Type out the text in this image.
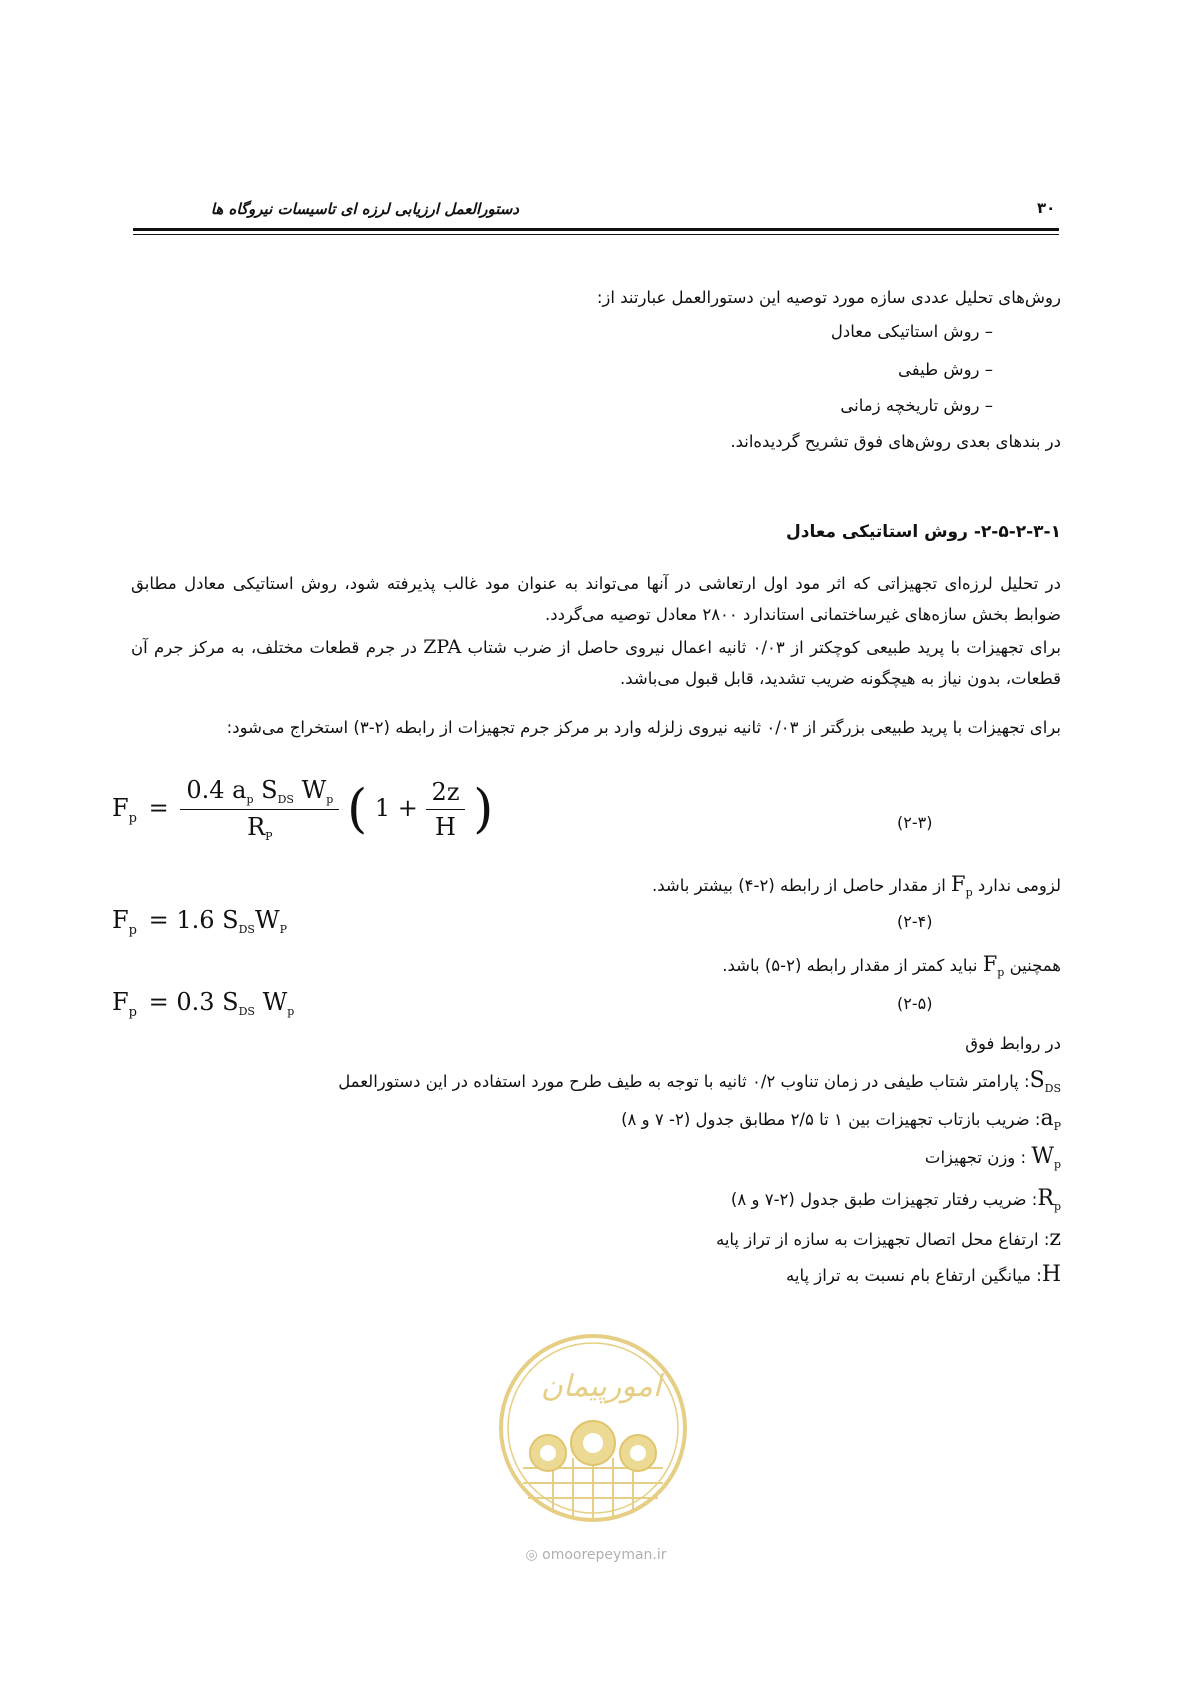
دستورالعمل ارزیابی لرزه ای تاسیسات نیروگاه ها	۳۰
روش‌های تحلیل عددی سازه مورد توصیه این دستورالعمل عبارتند از:
– روش استاتیکی معادل
– روش طیفی
– روش تاریخچه زمانی
در بندهای بعدی روش‌های فوق تشریح گردیده‌اند.
۲-۵-۲-۳-۱- روش استاتیکی معادل
در تحلیل لرزه‌ای تجهیزاتی که اثر مود اول ارتعاشی در آنها می‌تواند به عنوان مود غالب پذیرفته شود، روش استاتیکی معادل مطابق ضوابط بخش سازه‌های غیرساختمانی استاندارد ۲۸۰۰ معادل توصیه می‌گردد.
برای تجهیزات با پرید طبیعی کوچکتر از ۰/۰۳ ثانیه اعمال نیروی حاصل از ضرب شتاب ZPA در جرم قطعات مختلف، به مرکز جرم آن قطعات، بدون نیاز به هیچگونه ضریب تشدید، قابل قبول می‌باشد.
برای تجهیزات با پرید طبیعی بزرگتر از ۰/۰۳ ثانیه نیروی زلزله وارد بر مرکز جرم تجهیزات از رابطه (۲-۳) استخراج می‌شود:
$F_p = \frac{0.4 a_p S_{DS} W_p}{R_P}$ ( $1 + \frac{2z}{H}$ )	(۲-۳)
لزومی ندارد $F_p$ از مقدار حاصل از رابطه (۲-۴) بیشتر باشد.
$F_p = 1.6$ $S_{DS}W_P$	(۲-۴)
همچنین $F_p$ نباید کمتر از مقدار رابطه (۲-۵) باشد.
$F_p = 0.3$ $S_{DS}$ $W_p$	(۲-۵)
در روابط فوق
$S_{DS}$: پارامتر شتاب طیفی در زمان تناوب ۰/۲ ثانیه با توجه به طیف طرح مورد استفاده در این دستورالعمل
$a_P$: ضریب بازتاب تجهیزات بین ۱ تا ۲/۵ مطابق جدول (۲- ۷ و ۸)
$W_p$ : وزن تجهیزات
$R_p$: ضریب رفتار تجهیزات طبق جدول (۲-۷ و ۸)
z: ارتفاع محل اتصال تجهیزات به سازه از تراز پایه
H: میانگین ارتفاع بام نسبت به تراز پایه
امورپیمان
◎ omoorepeyman.ir
